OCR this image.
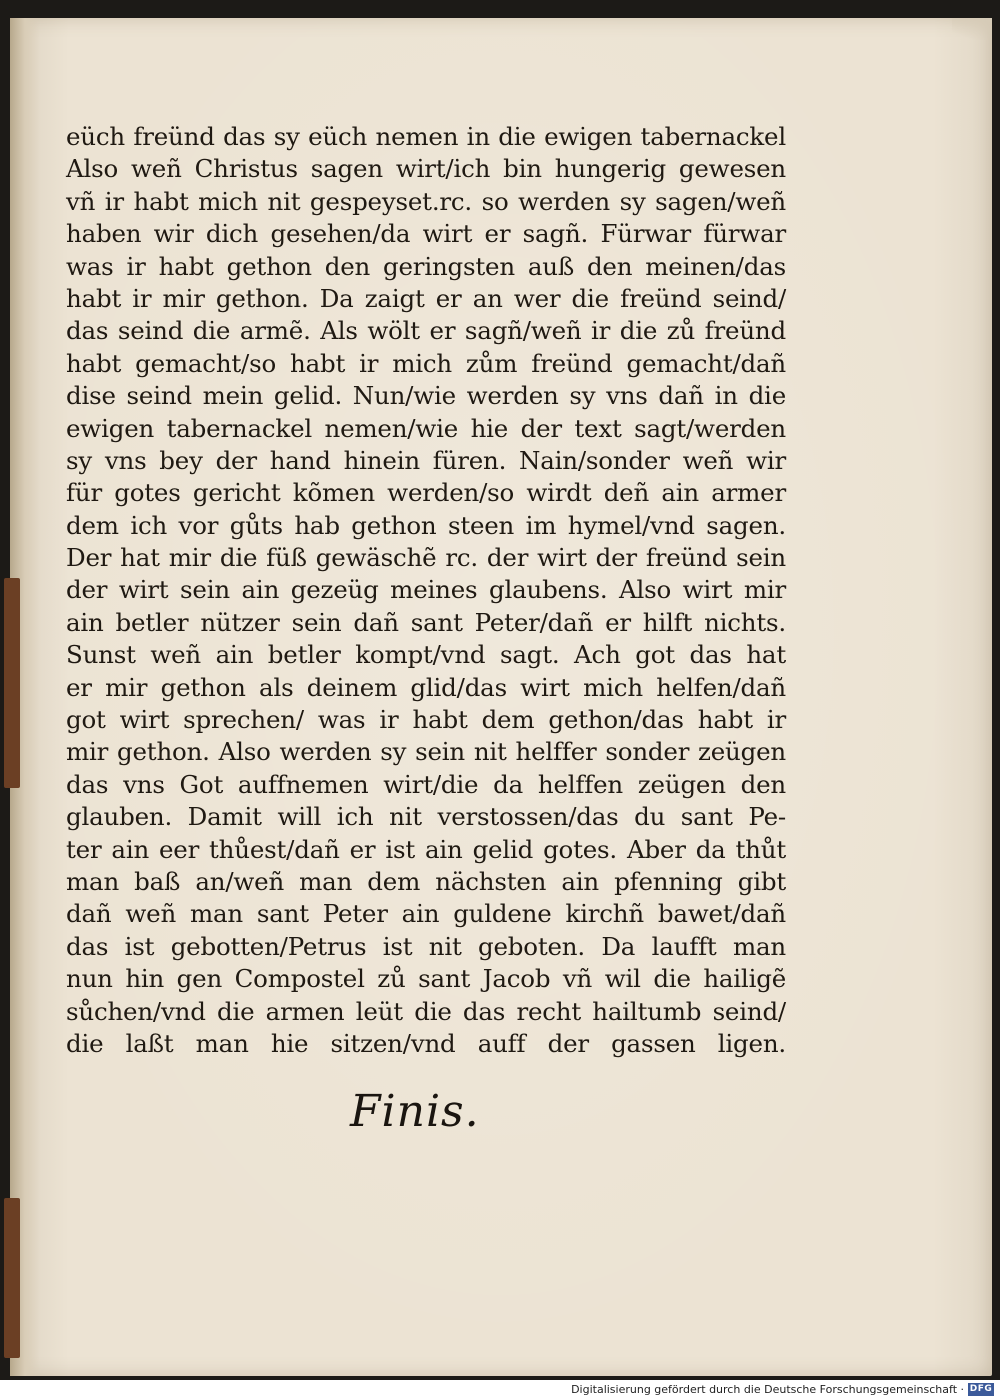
eüch freünd das sy eüch nemen in die ewigen tabernackel
Also weñ Christus sagen wirt/ich bin hungerig gewesen
vñ ir habt mich nit gespeyset.rc. so werden sy sagen/weñ
haben wir dich gesehen/da wirt er sagñ. Fürwar fürwar
was ir habt gethon den geringsten auß den meinen/das
habt ir mir gethon. Da zaigt er an wer die freünd seind/
das seind die armẽ. Als wölt er sagñ/weñ ir die zů freünd
habt gemacht/so habt ir mich zům freünd gemacht/dañ
dise seind mein gelid. Nun/wie werden sy vns dañ in die
ewigen tabernackel nemen/wie hie der text sagt/werden
sy vns bey der hand hinein füren. Nain/sonder weñ wir
für gotes gericht kõmen werden/so wirdt deñ ain armer
dem ich vor gůts hab gethon steen im hymel/vnd sagen.
Der hat mir die füß gewäschẽ rc. der wirt der freünd sein
der wirt sein ain gezeüg meines glaubens. Also wirt mir
ain betler nützer sein dañ sant Peter/dañ er hilft nichts.
Sunst weñ ain betler kompt/vnd sagt. Ach got das hat
er mir gethon als deinem glid/das wirt mich helfen/dañ
got wirt sprechen/ was ir habt dem gethon/das habt ir
mir gethon. Also werden sy sein nit helffer sonder zeügen
das vns Got auffnemen wirt/die da helffen zeügen den
glauben. Damit will ich nit verstossen/das du sant Pe-
ter ain eer thůest/dañ er ist ain gelid gotes. Aber da thůt
man baß an/weñ man dem nächsten ain pfenning gibt
dañ weñ man sant Peter ain guldene kirchñ bawet/dañ
das ist gebotten/Petrus ist nit geboten. Da laufft man
nun hin gen Compostel zů sant Jacob vñ wil die hailigẽ
sůchen/vnd die armen leüt die das recht hailtumb seind/
die laßt man hie sitzen/vnd auff der gassen ligen.
Finis.
Digitalisierung gefördert durch die Deutsche Forschungsgemeinschaft · DFG
